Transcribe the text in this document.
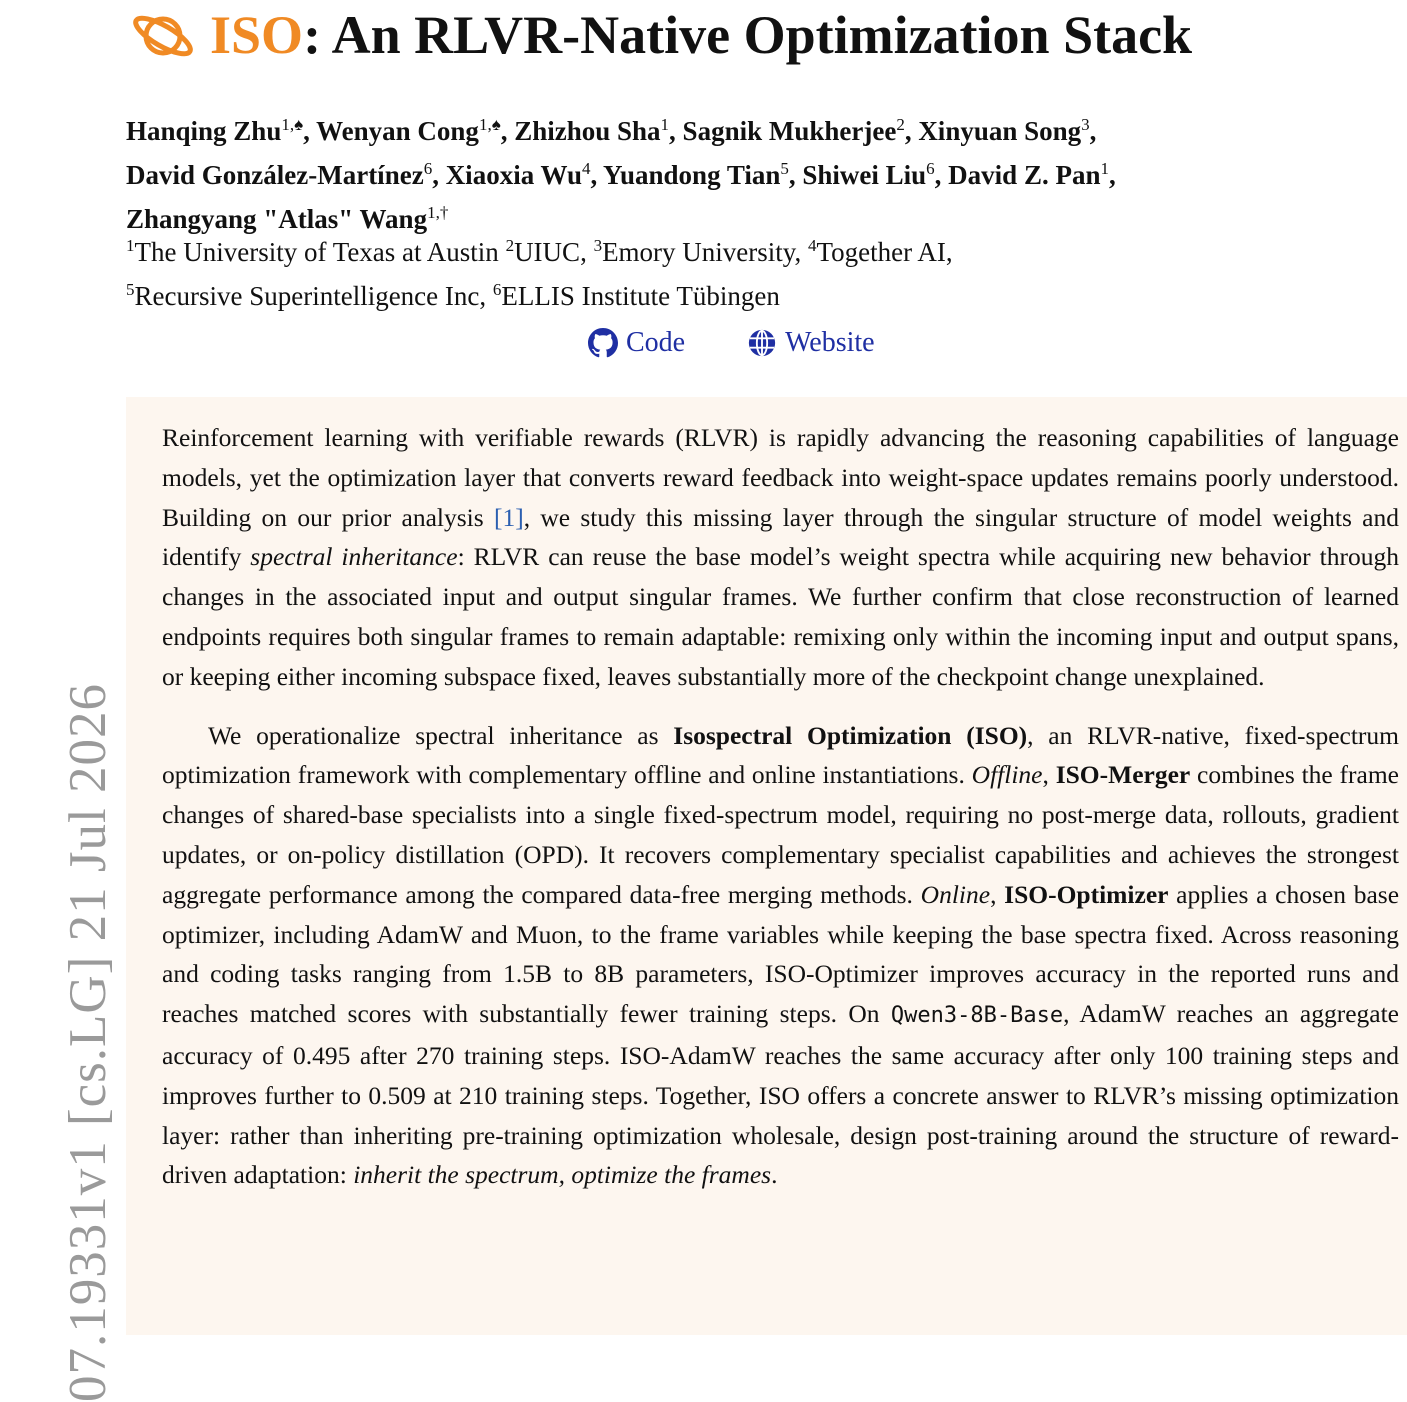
07.19331v1 [cs.LG] 21 Jul 2026
ISO : An RLVR-Native Optimization Stack
Hanqing Zhu$^{1,♠}$, Wenyan Cong$^{1,♠}$, Zhizhou Sha$^1$, Sagnik Mukherjee$^2$, Xinyuan Song$^3$,
David González-Martínez$^6$, Xiaoxia Wu$^4$, Yuandong Tian$^5$, Shiwei Liu$^6$, David Z. Pan$^1$,
Zhangyang "Atlas" Wang$^{1,\dagger}$
$^1$The University of Texas at Austin $^2$UIUC, $^3$Emory University, $^4$Together AI,
$^5$Recursive Superintelligence Inc, $^6$ELLIS Institute Tübingen
Code	Website

Reinforcement learning with verifiable rewards (RLVR) is rapidly advancing the reasoning capabilities of language models, yet the optimization layer that converts reward feedback into weight-space updates remains poorly understood. Building on our prior analysis [1], we study this missing layer through the singular structure of model weights and identify spectral inheritance: RLVR can reuse the base model’s weight spectra while acquiring new behavior through changes in the associated input and output singular frames. We further confirm that close reconstruction of learned endpoints requires both singular frames to remain adaptable: remixing only within the incoming input and output spans, or keeping either incoming subspace fixed, leaves substantially more of the checkpoint change unexplained.

We operationalize spectral inheritance as Isospectral Optimization (ISO), an RLVR-native, fixed-spectrum optimization framework with complementary offline and online instantiations. Offline, ISO-Merger combines the frame changes of shared-base specialists into a single fixed-spectrum model, requiring no post-merge data, rollouts, gradient updates, or on-policy distillation (OPD). It recovers complementary specialist capabilities and achieves the strongest aggregate performance among the compared data-free merging methods. Online, ISO-Optimizer applies a chosen base optimizer, including AdamW and Muon, to the frame variables while keeping the base spectra fixed. Across reasoning and coding tasks ranging from 1.5B to 8B parameters, ISO-Optimizer improves accuracy in the reported runs and reaches matched scores with substantially fewer training steps. On Qwen3-8B-Base, AdamW reaches an aggregate accuracy of 0.495 after 270 training steps. ISO-AdamW reaches the same accuracy after only 100 training steps and improves further to 0.509 at 210 training steps. Together, ISO offers a concrete answer to RLVR’s missing optimization layer: rather than inheriting pre-training optimization wholesale, design post-training around the structure of reward-driven adaptation: inherit the spectrum, optimize the frames.
